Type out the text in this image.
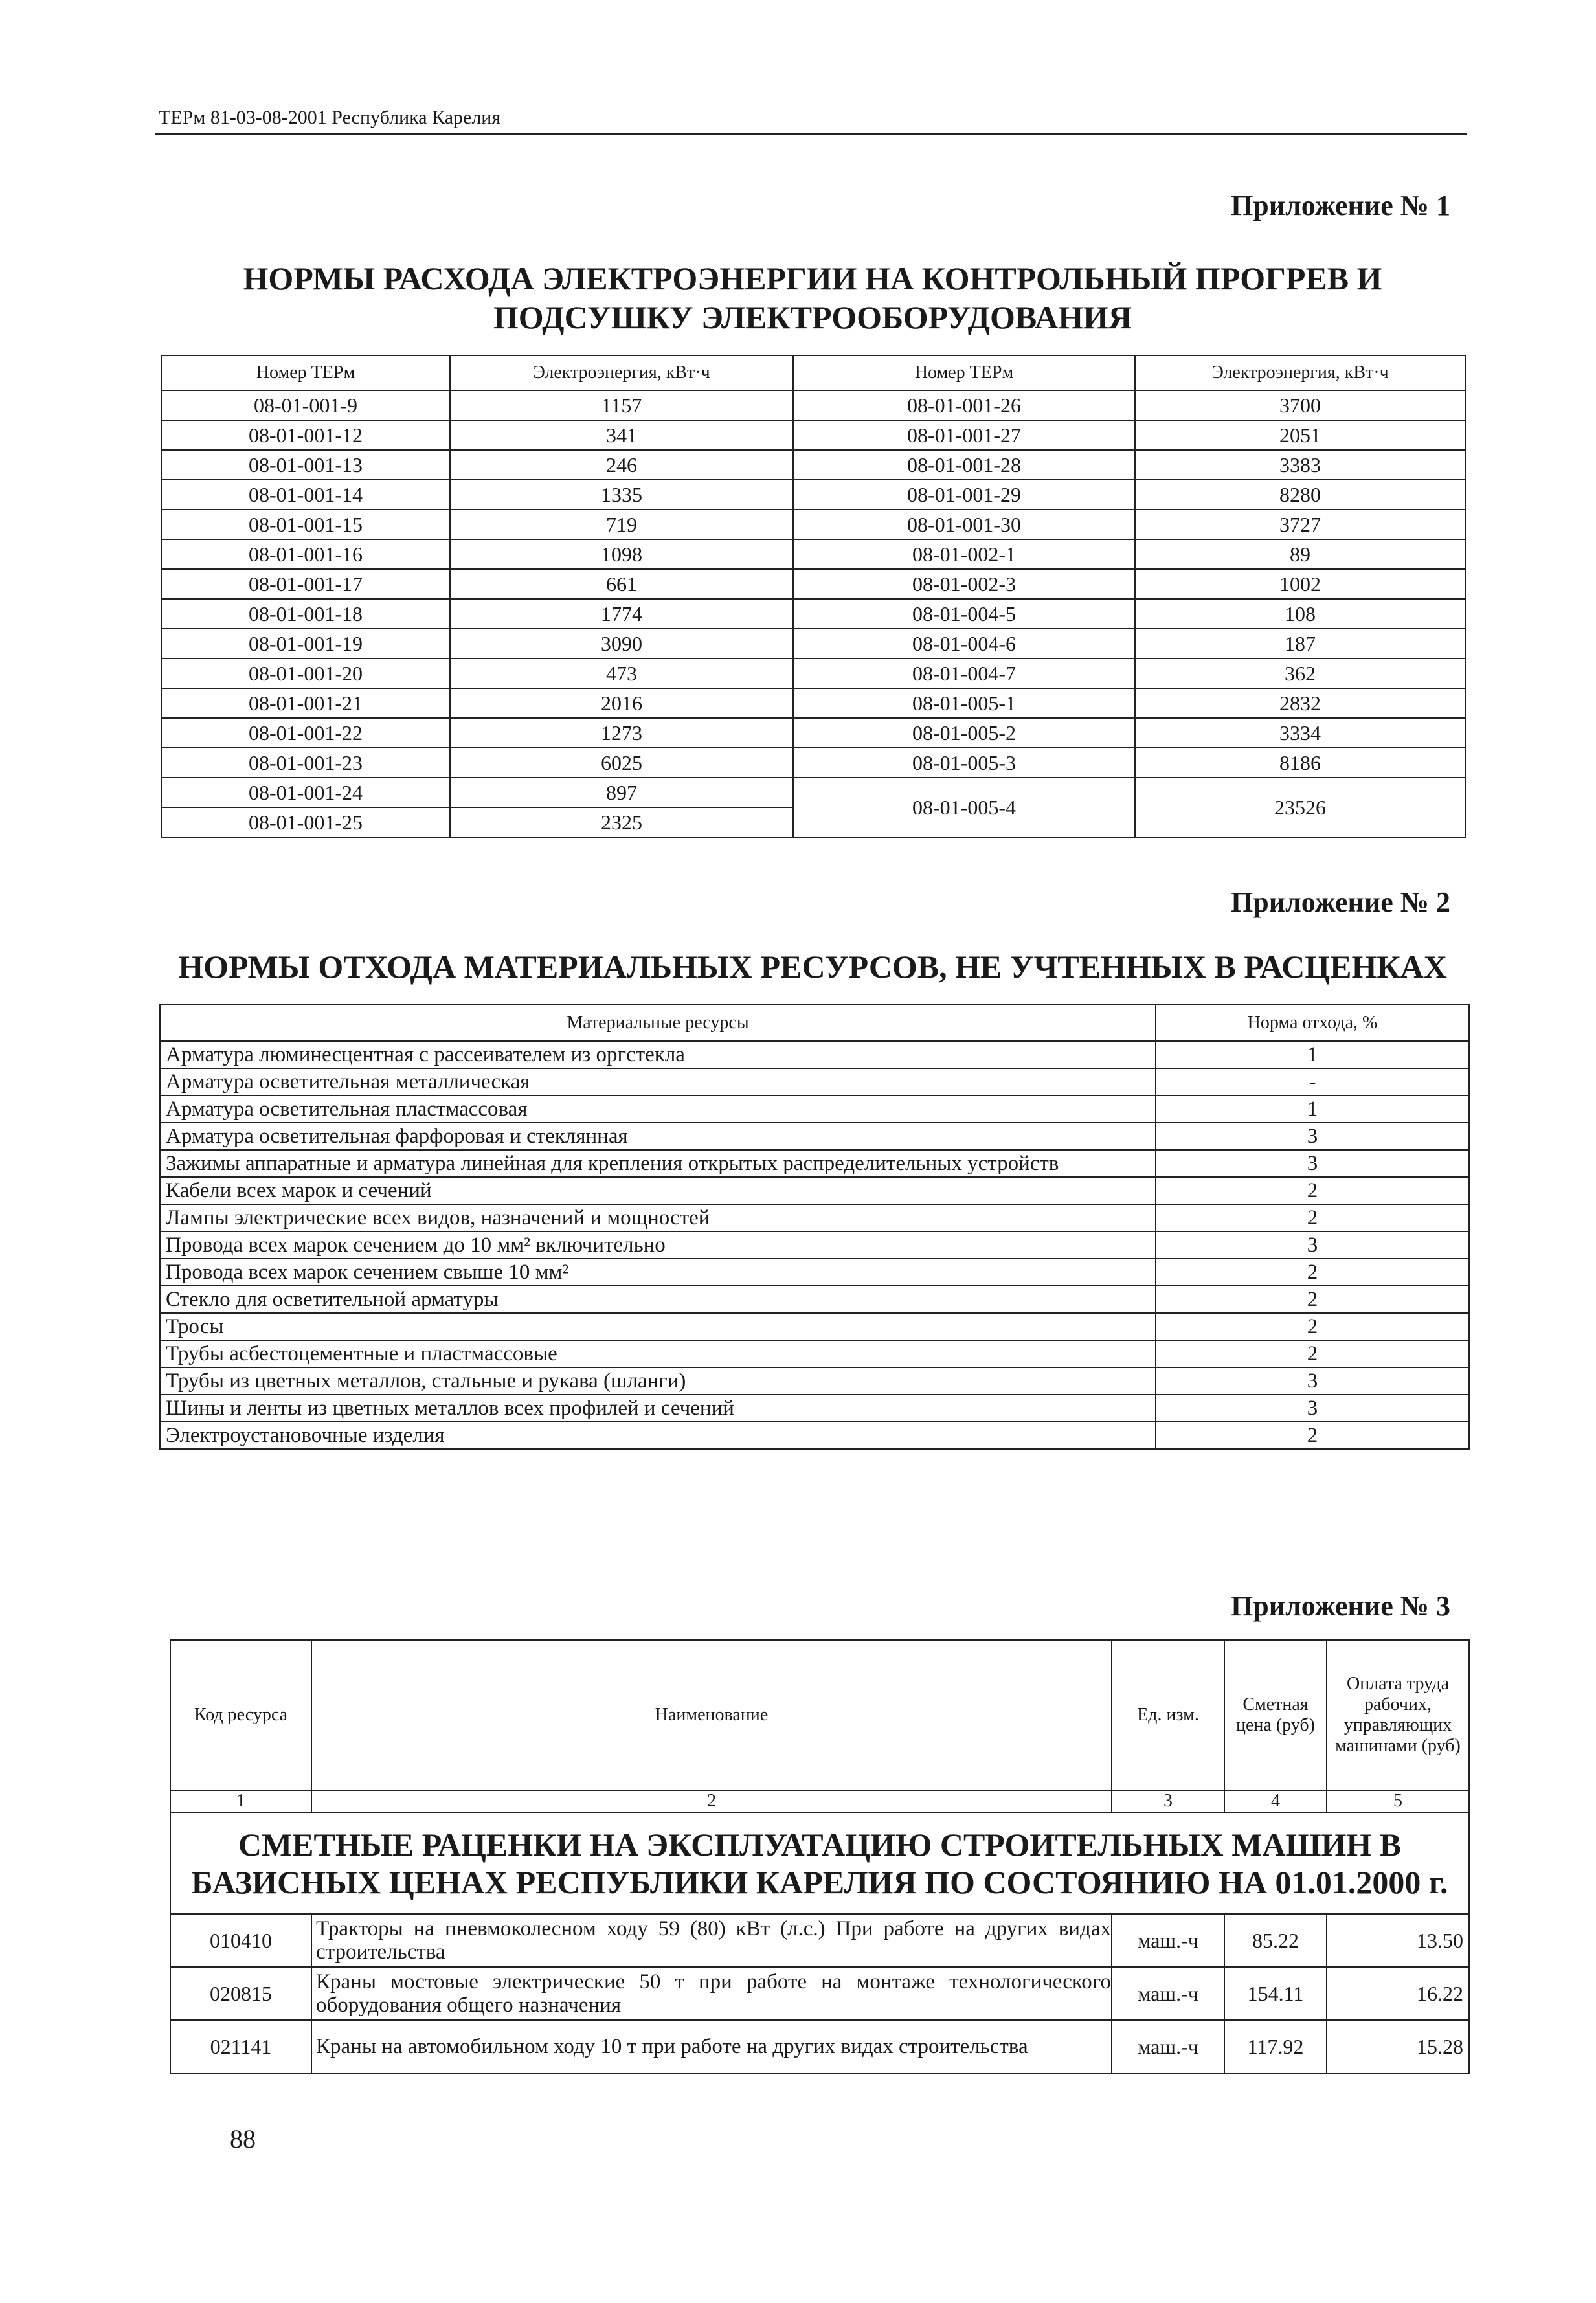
ТЕРм 81-03-08-2001 Республика Карелия
Приложение № 1
НОРМЫ РАСХОДА ЭЛЕКТРОЭНЕРГИИ НА КОНТРОЛЬНЫЙ ПРОГРЕВ И
ПОДСУШКУ ЭЛЕКТРООБОРУДОВАНИЯ
Номер ТЕРм	Электроэнергия, кВт·ч	Номер ТЕРм	Электроэнергия, кВт·ч
08-01-001-9	1157	08-01-001-26	3700
08-01-001-12	341	08-01-001-27	2051
08-01-001-13	246	08-01-001-28	3383
08-01-001-14	1335	08-01-001-29	8280
08-01-001-15	719	08-01-001-30	3727
08-01-001-16	1098	08-01-002-1	89
08-01-001-17	661	08-01-002-3	1002
08-01-001-18	1774	08-01-004-5	108
08-01-001-19	3090	08-01-004-6	187
08-01-001-20	473	08-01-004-7	362
08-01-001-21	2016	08-01-005-1	2832
08-01-001-22	1273	08-01-005-2	3334
08-01-001-23	6025	08-01-005-3	8186
08-01-001-24	897	08-01-005-4	23526
08-01-001-25	2325		
Приложение № 2
НОРМЫ ОТХОДА МАТЕРИАЛЬНЫХ РЕСУРСОВ, НЕ УЧТЕННЫХ В РАСЦЕНКАХ
Материальные ресурсы	Норма отхода, %
Арматура люминесцентная с рассеивателем из оргстекла	1
Арматура осветительная металлическая	-
Арматура осветительная пластмассовая	1
Арматура осветительная фарфоровая и стеклянная	3
Зажимы аппаратные и арматура линейная для крепления открытых распределительных устройств	3
Кабели всех марок и сечений	2
Лампы электрические всех видов, назначений и мощностей	2
Провода всех марок сечением до 10 мм² включительно	3
Провода всех марок сечением свыше 10 мм²	2
Стекло для осветительной арматуры	2
Тросы	2
Трубы асбестоцементные и пластмассовые	2
Трубы из цветных металлов, стальные и рукава (шланги)	3
Шины и ленты из цветных металлов всех профилей и сечений	3
Электроустановочные изделия	2
Приложение № 3
Код ресурса	Наименование	Ед. изм.	Сметная цена (руб)	Оплата труда рабочих, управляющих машинами (руб)
1	2	3	4	5

СМЕТНЫЕ РАЦЕНКИ НА ЭКСПЛУАТАЦИЮ СТРОИТЕЛЬНЫХ МАШИН В БАЗИСНЫХ ЦЕНАХ РЕСПУБЛИКИ КАРЕЛИЯ ПО СОСТОЯНИЮ НА 01.01.2000 г.				

010410	Тракторы на пневмоколесном ходу 59 (80) кВт (л.с.) При работе на других видах строительства	маш.-ч	85.22	13.50
020815	Краны мостовые электрические 50 т при работе на монтаже технологического оборудования общего назначения	маш.-ч	154.11	16.22
021141	Краны на автомобильном ходу 10 т при работе на других видах строительства	маш.-ч	117.92	15.28
88
